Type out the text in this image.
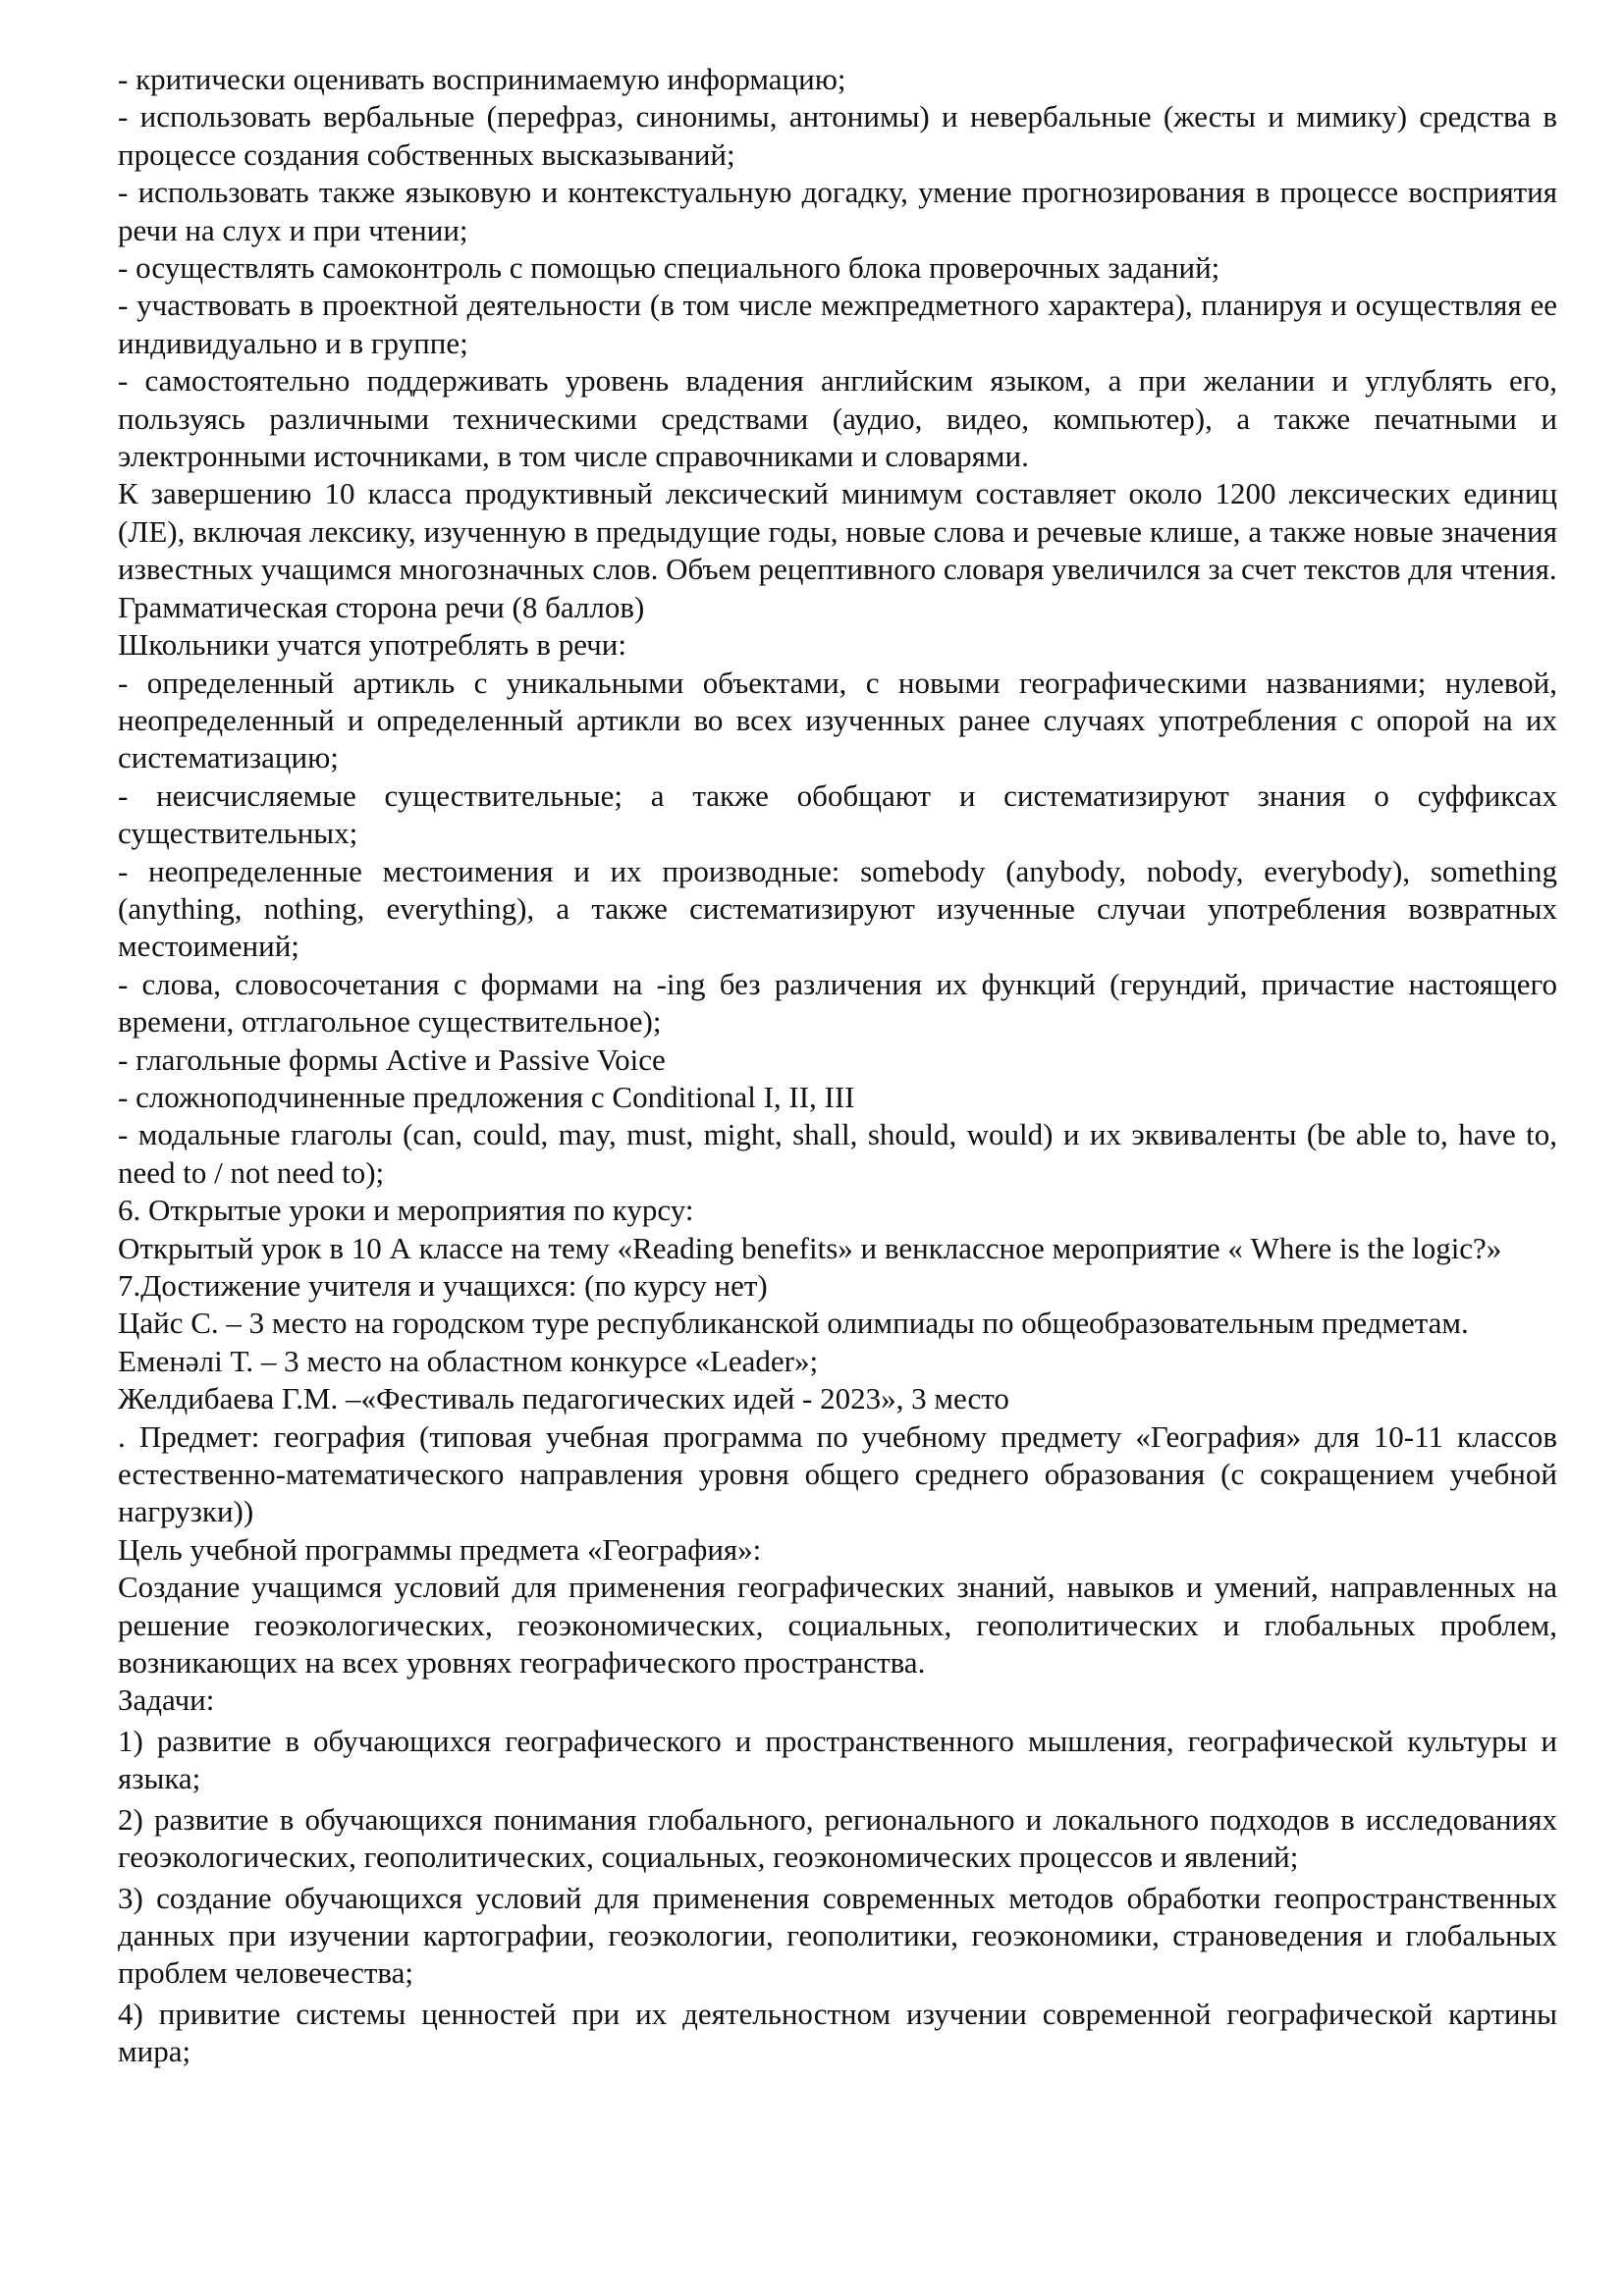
- критически оценивать воспринимаемую информацию;

- использовать вербальные (перефраз, синонимы, антонимы) и невербальные (жесты и мимику) средства в процессе создания собственных высказываний;

- использовать также языковую и контекстуальную догадку, умение прогнозирования в процессе восприятия речи на слух и при чтении;

- осуществлять самоконтроль с помощью специального блока проверочных заданий;

- участвовать в проектной деятельности (в том числе межпредметного характера), планируя и осуществляя ее индивидуально и в группе;

- самостоятельно поддерживать уровень владения английским языком, а при желании и углублять его, пользуясь различными техническими средствами (аудио, видео, компьютер), а также печатными и электронными источниками, в том числе справочниками и словарями.

К завершению 10 класса продуктивный лексический минимум составляет около 1200 лексических единиц (ЛЕ), включая лексику, изученную в предыдущие годы, новые слова и речевые клише, а также новые значения известных учащимся многозначных слов. Объем рецептивного словаря увеличился за счет текстов для чтения.

Грамматическая сторона речи (8 баллов)

Школьники учатся употреблять в речи:

- определенный артикль с уникальными объектами, с новыми географическими названиями; нулевой, неопределенный и определенный артикли во всех изученных ранее случаях употребления с опорой на их систематизацию;

- неисчисляемые существительные; а также обобщают и систематизируют знания о суффиксах существительных;

- неопределенные местоимения и их производные: somebody (anybody, nobody, everybody), something (anything, nothing, everything), а также систематизируют изученные случаи употребления возвратных местоимений;

- слова, словосочетания с формами на -ing без различения их функций (герундий, причастие настоящего времени, отглагольное существительное);

- глагольные формы Active и Passive Voice

- сложноподчиненные предложения с Conditional I, II, III

- модальные глаголы (can, could, may, must, might, shall, should, would) и их эквиваленты (be able to, have to, need to / not need to);

6. Открытые уроки и мероприятия по курсу:

Открытый урок в 10 А классе на тему «Reading benefits» и венклассное мероприятие « Where is the logic?»

7.Достижение учителя и учащихся: (по курсу нет)

Цайс С. – 3 место на городском туре республиканской олимпиады по общеобразовательным предметам.

Еменәлі Т. – 3 место на областном конкурсе «Leader»;

Желдибаева Г.М. –«Фестиваль педагогических идей - 2023», 3 место

. Предмет: география (типовая учебная программа по учебному предмету «География» для 10-11 классов естественно-математического направления уровня общего среднего образования (с сокращением учебной нагрузки))

Цель учебной программы предмета «География»:

Создание учащимся условий для применения географических знаний, навыков и умений, направленных на решение геоэкологических, геоэкономических, социальных, геополитических и глобальных проблем, возникающих на всех уровнях географического пространства.

Задачи:

1) развитие в обучающихся географического и пространственного мышления, географической культуры и языка;

2) развитие в обучающихся понимания глобального, регионального и локального подходов в исследованиях геоэкологических, геополитических, социальных, геоэкономических процессов и явлений;

3) создание обучающихся условий для применения современных методов обработки геопространственных данных при изучении картографии, геоэкологии, геополитики, геоэкономики, страноведения и глобальных проблем человечества;

4) привитие системы ценностей при их деятельностном изучении современной географической картины мира;
